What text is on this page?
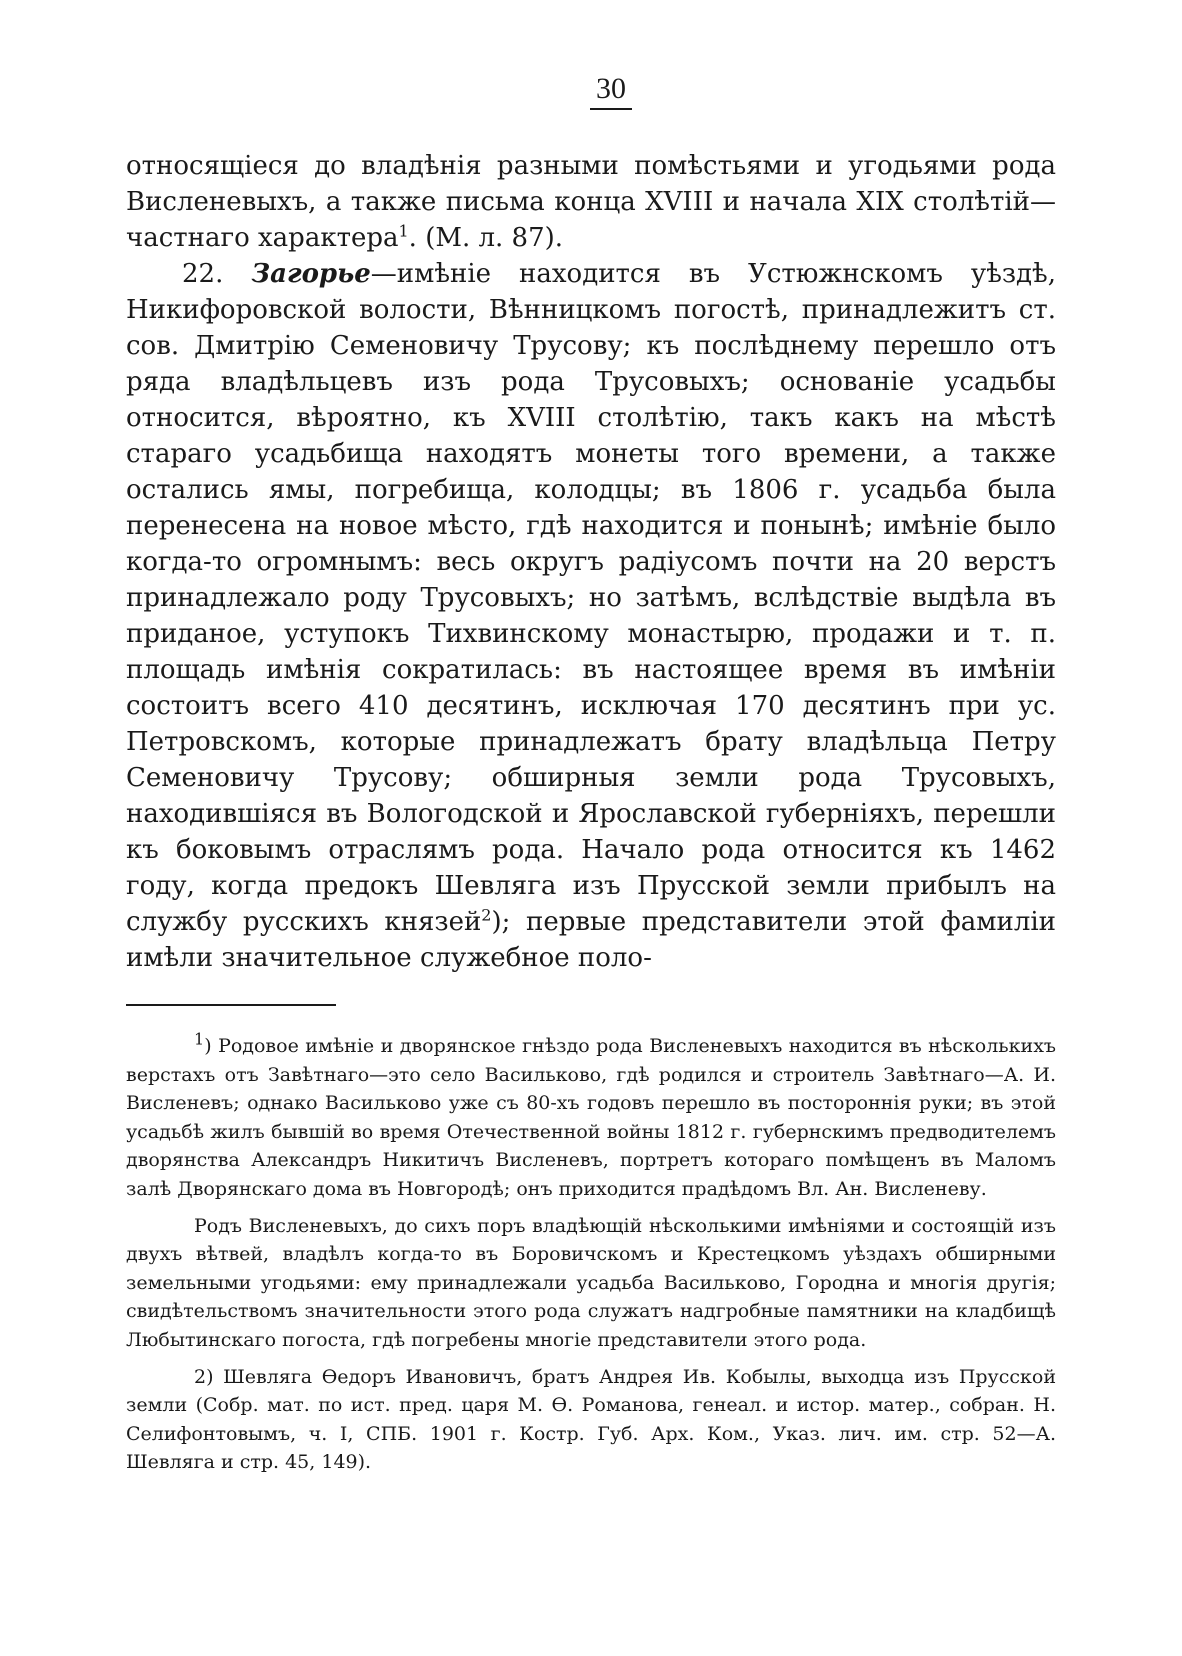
30

относящіеся до владѣнія разными помѣстьями и угодьями рода Висленевыхъ, а также письма конца XVIII и начала XIX столѣтій—частнаго характера$^1$. (М. л. 87).

22. Загорье—имѣніе находится въ Устюжнскомъ уѣздѣ, Никифоровской волости, Вѣнницкомъ погостѣ, принадлежитъ ст. сов. Дмитрію Семеновичу Трусову; къ послѣднему перешло отъ ряда владѣльцевъ изъ рода Трусовыхъ; основаніе усадьбы относится, вѣроятно, къ XVIII столѣтію, такъ какъ на мѣстѣ стараго усадьбища находятъ монеты того времени, а также остались ямы, погребища, колодцы; въ 1806 г. усадьба была перенесена на новое мѣсто, гдѣ находится и понынѣ; имѣніе было когда-то огромнымъ: весь округъ радіусомъ почти на 20 верстъ принадлежало роду Трусовыхъ; но затѣмъ, вслѣдствіе выдѣла въ приданое, уступокъ Тихвинскому монастырю, продажи и т. п. площадь имѣнія сократилась: въ настоящее время въ имѣніи состоитъ всего 410 десятинъ, исключая 170 десятинъ при ус. Петровскомъ, которые принадлежатъ брату владѣльца Петру Семеновичу Трусову; обширныя земли рода Трусовыхъ, находившіяся въ Вологодской и Ярославской губерніяхъ, перешли къ боковымъ отраслямъ рода. Начало рода относится къ 1462 году, когда предокъ Шевляга изъ Прусской земли прибылъ на службу русскихъ князей$^2$); первые представители этой фамиліи имѣли значительное служебное поло-

$^1$) Родовое имѣніе и дворянское гнѣздо рода Висленевыхъ находится въ нѣсколькихъ верстахъ отъ Завѣтнаго—это село Васильково, гдѣ родился и строитель Завѣтнаго—А. И. Висленевъ; однако Васильково уже съ 80-хъ годовъ перешло въ постороннія руки; въ этой усадьбѣ жилъ бывшій во время Отечественной войны 1812 г. губернскимъ предводителемъ дворянства Александръ Никитичъ Висленевъ, портретъ котораго помѣщенъ въ Маломъ залѣ Дворянскаго дома въ Новгородѣ; онъ приходится прадѣдомъ Вл. Ан. Висленеву.

Родъ Висленевыхъ, до сихъ поръ владѣющій нѣсколькими имѣніями и состоящій изъ двухъ вѣтвей, владѣлъ когда-то въ Боровичскомъ и Крестецкомъ уѣздахъ обширными земельными угодьями: ему принадлежали усадьба Васильково, Городна и многія другія; свидѣтельствомъ значительности этого рода служатъ надгробные памятники на кладбищѣ Любытинскаго погоста, гдѣ погребены многіе представители этого рода.

2) Шевляга Ѳедоръ Ивановичъ, братъ Андрея Ив. Кобылы, выходца изъ Прусской земли (Собр. мат. по ист. пред. царя М. Ѳ. Романова, генеал. и истор. матер., собран. Н. Селифонтовымъ, ч. I, СПБ. 1901 г. Костр. Губ. Арх. Ком., Указ. лич. им. стр. 52—А. Шевляга и стр. 45, 149).
